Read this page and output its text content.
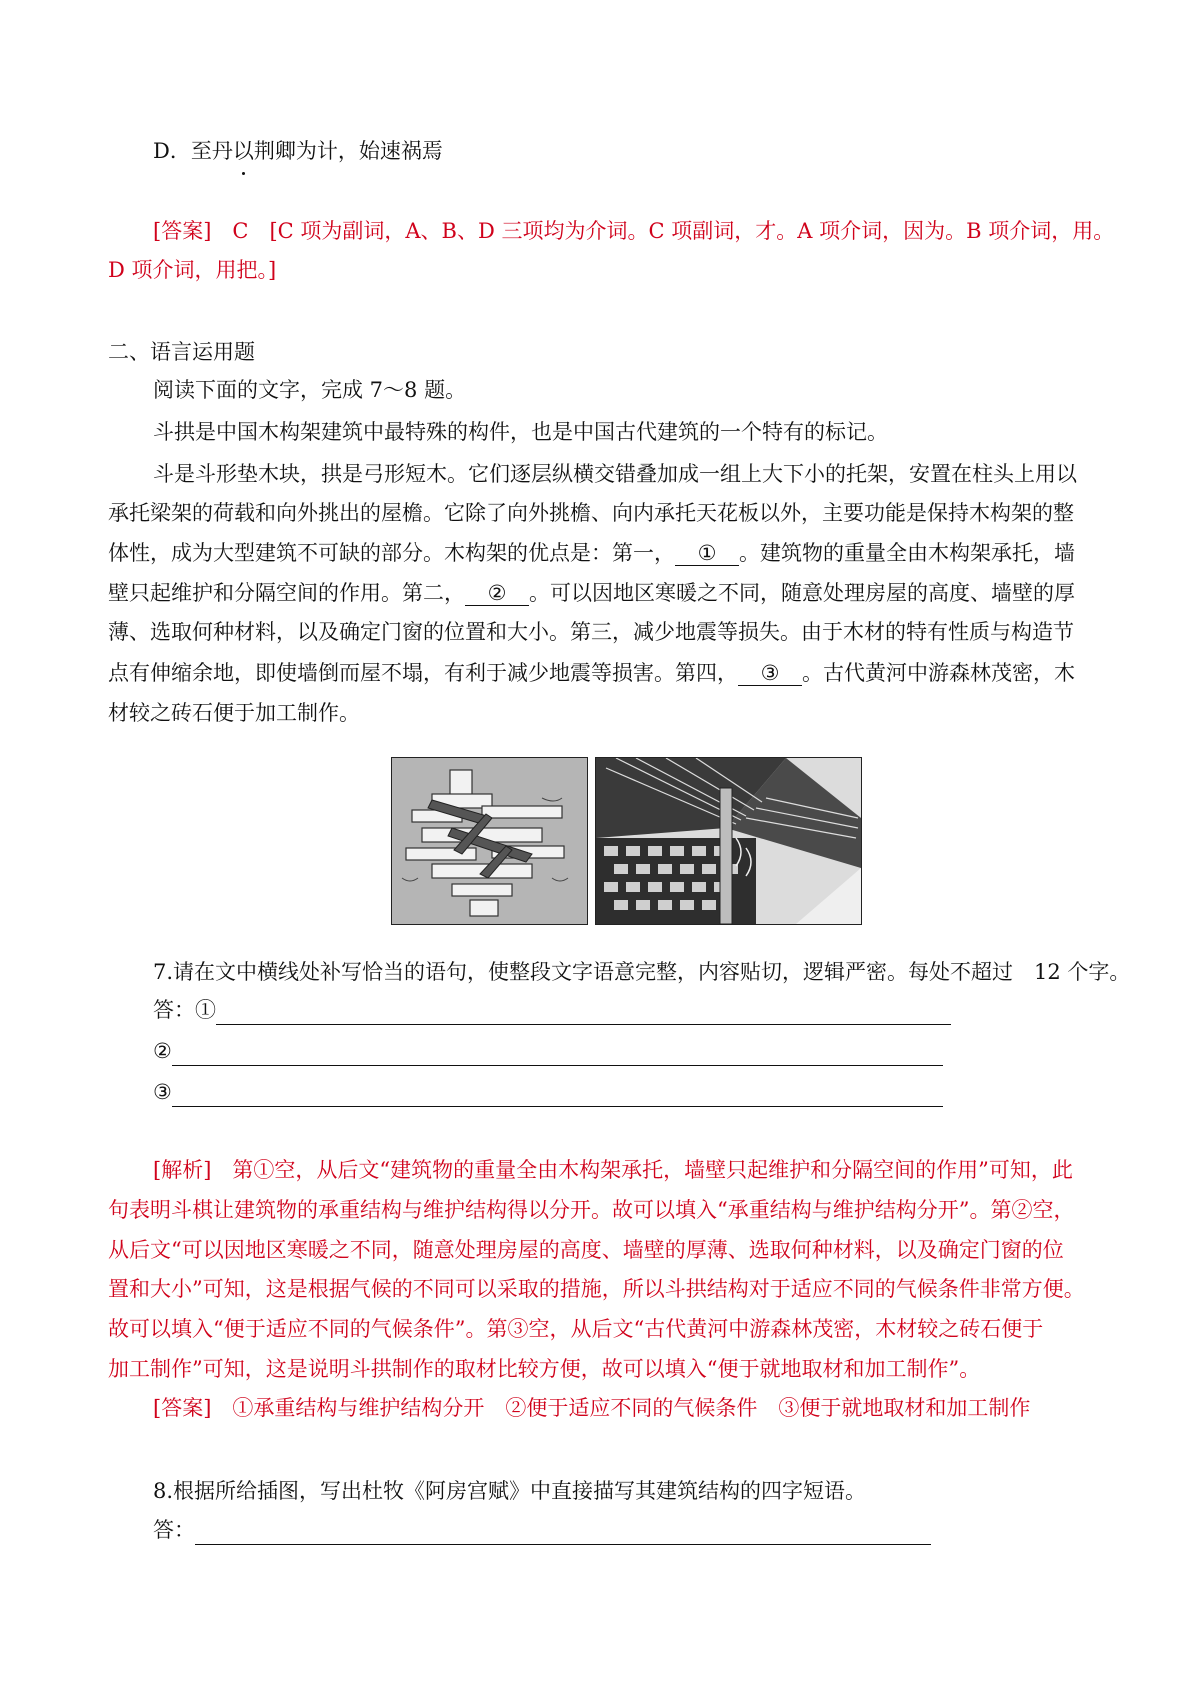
D．至丹以荆卿为计，始速祸焉
[答案]　 C　[C 项为副词，A、B、D 三项均为介词。C 项副词，才。A 项介词，因为。B 项介词，用。
D 项介词，用把。]
二、语言运用题
阅读下面的文字，完成 7～8 题。
斗拱是中国木构架建筑中最特殊的构件，也是中国古代建筑的一个特有的标记。
斗是斗形垫木块，拱是弓形短木。它们逐层纵横交错叠加成一组上大下小的托架，安置在柱头上用以
承托梁架的荷载和向外挑出的屋檐。它除了向外挑檐、向内承托天花板以外，主要功能是保持木构架的整
体性，成为大型建筑不可缺的部分。木构架的优点是：第一， ① 。建筑物的重量全由木构架承托，墙
壁只起维护和分隔空间的作用。第二， ② 。可以因地区寒暖之不同，随意处理房屋的高度、墙壁的厚
薄、选取何种材料，以及确定门窗的位置和大小。第三，减少地震等损失。由于木材的特有性质与构造节
点有伸缩余地，即使墙倒而屋不塌，有利于减少地震等损害。第四， ③ 。古代黄河中游森林茂密，木
材较之砖石便于加工制作。
7.请在文中横线处补写恰当的语句，使整段文字语意完整，内容贴切，逻辑严密。每处不超过　12 个字。
答：①
②
③
[解析]　第①空，从后文“建筑物的重量全由木构架承托，墙壁只起维护和分隔空间的作用”可知，此
句表明斗棋让建筑物的承重结构与维护结构得以分开。故可以填入“承重结构与维护结构分开”。第②空，
从后文“可以因地区寒暖之不同，随意处理房屋的高度、墙壁的厚薄、选取何种材料，以及确定门窗的位
置和大小”可知，这是根据气候的不同可以采取的措施，所以斗拱结构对于适应不同的气候条件非常方便。
故可以填入“便于适应不同的气候条件”。第③空，从后文“古代黄河中游森林茂密，木材较之砖石便于
加工制作”可知，这是说明斗拱制作的取材比较方便，故可以填入“便于就地取材和加工制作”。
[答案]　 ①承重结构与维护结构分开　②便于适应不同的气候条件　③便于就地取材和加工制作
8.根据所给插图，写出杜牧《阿房宫赋》中直接描写其建筑结构的四字短语。
答：
